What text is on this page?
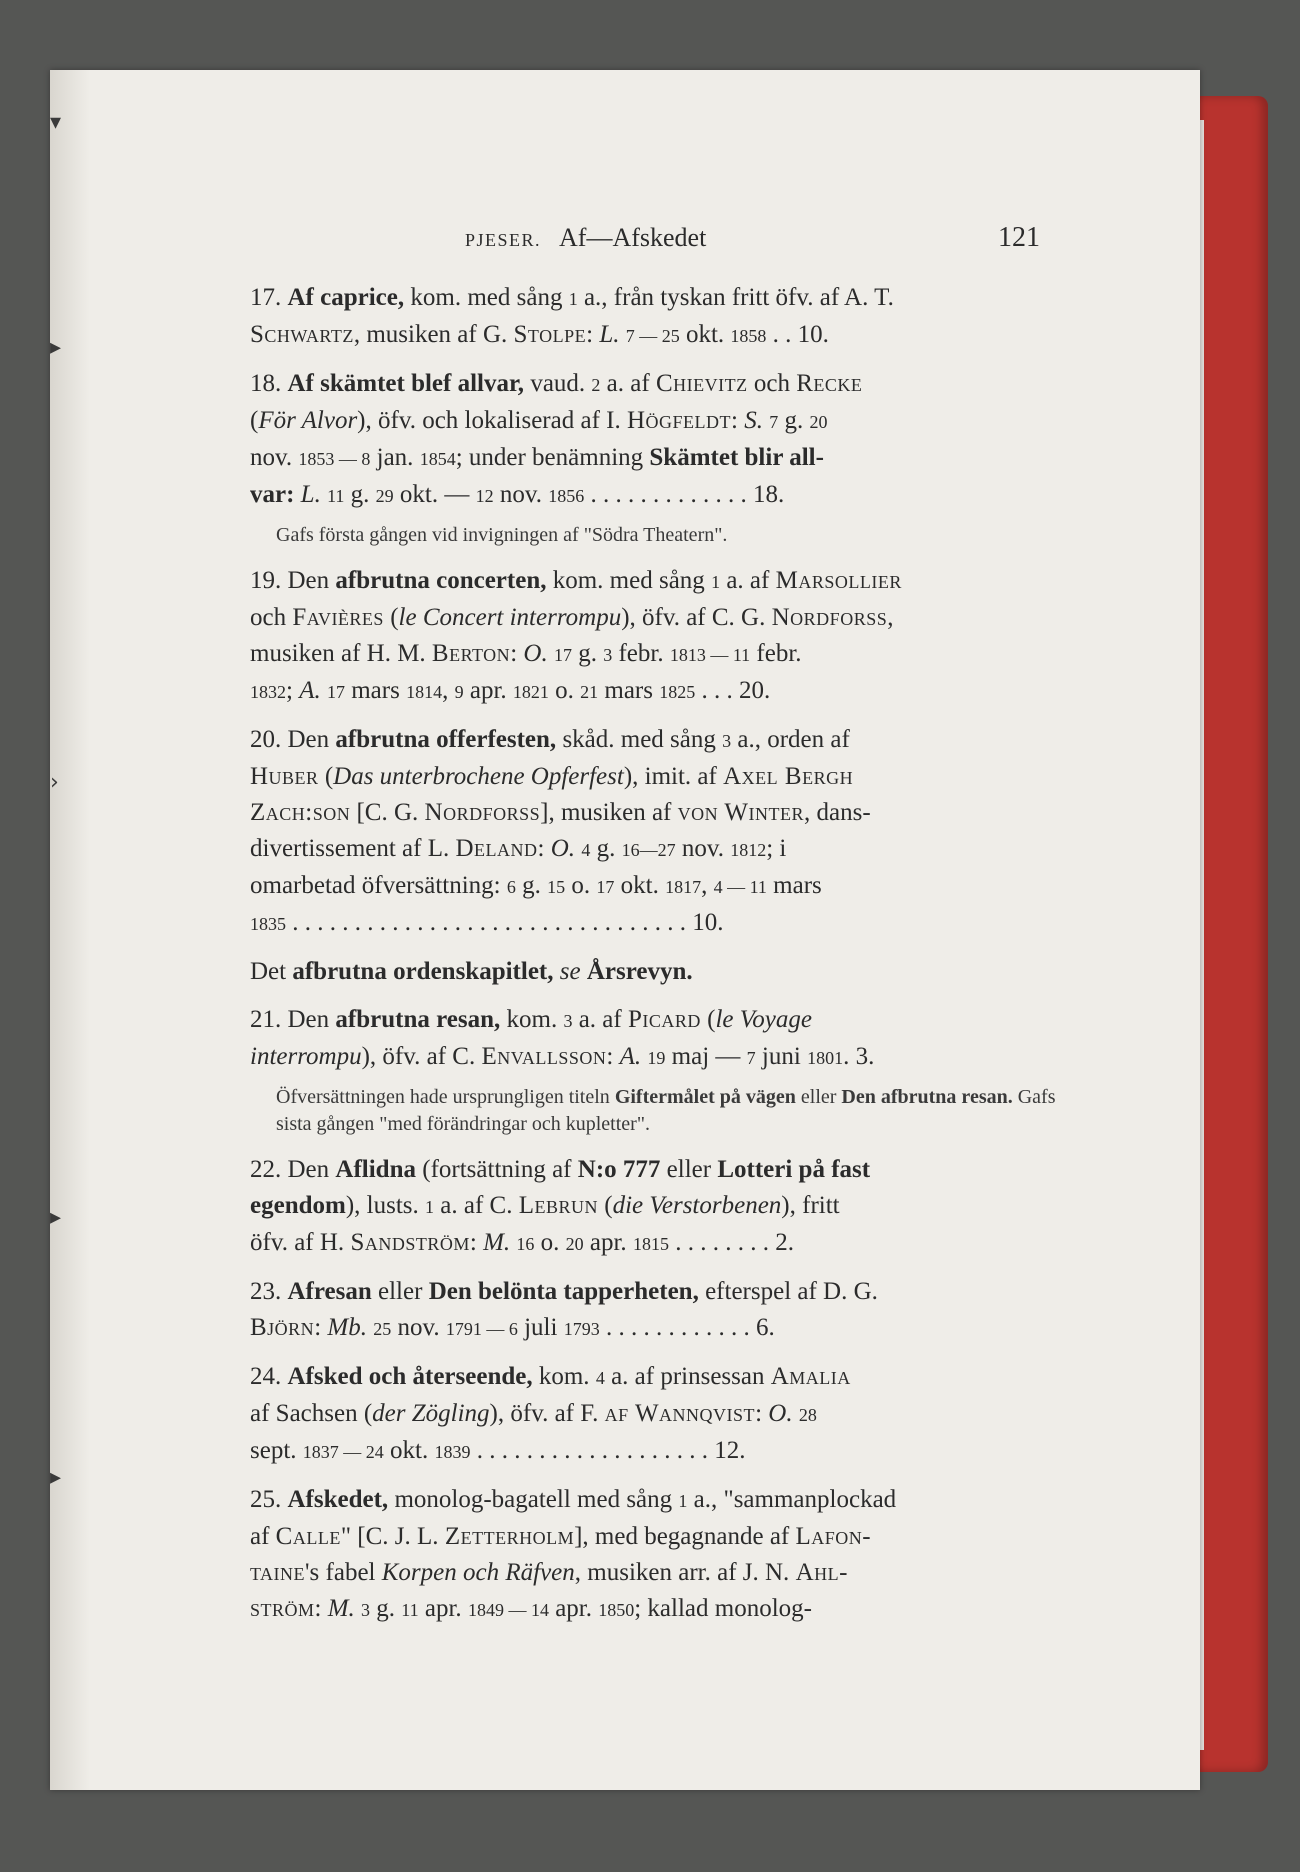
▾
▸
›
▸
▸
PJESER. Af—Afskedet	121
17. Af caprice, kom. med sång 1 a., från tyskan fritt öfv. af A. T.
Schwartz, musiken af G. Stolpe: L. 7 — 25 okt. 1858 . . 10.
18. Af skämtet blef allvar, vaud. 2 a. af Chievitz och Recke
(För Alvor), öfv. och lokaliserad af I. Högfeldt: S. 7 g. 20
nov. 1853 — 8 jan. 1854; under benämning Skämtet blir all-
var: L. 11 g. 29 okt. — 12 nov. 1856 . . . . . . . . . . . . . 18.
Gafs första gången vid invigningen af "Södra Theatern".
19. Den afbrutna concerten, kom. med sång 1 a. af Marsollier
och Favières (le Concert interrompu), öfv. af C. G. Nordforss,
musiken af H. M. Berton: O. 17 g. 3 febr. 1813 — 11 febr.
1832; A. 17 mars 1814, 9 apr. 1821 o. 21 mars 1825 . . . 20.
20. Den afbrutna offerfesten, skåd. med sång 3 a., orden af
Huber (Das unterbrochene Opferfest), imit. af Axel Bergh
Zach:son [C. G. Nordforss], musiken af von Winter, dans-
divertissement af L. Deland: O. 4 g. 16—27 nov. 1812; i
omarbetad öfversättning: 6 g. 15 o. 17 okt. 1817, 4 — 11 mars
1835 . . . . . . . . . . . . . . . . . . . . . . . . . . . . . . . . 10.
Det afbrutna ordenskapitlet, se Årsrevyn.
21. Den afbrutna resan, kom. 3 a. af Picard (le Voyage
interrompu), öfv. af C. Envallsson: A. 19 maj — 7 juni 1801. 3.
Öfversättningen hade ursprungligen titeln Giftermålet på vägen eller Den afbrutna resan. Gafs sista gången "med förändringar och kupletter".
22. Den Aflidna (fortsättning af N:o 777 eller Lotteri på fast
egendom), lusts. 1 a. af C. Lebrun (die Verstorbenen), fritt
öfv. af H. Sandström: M. 16 o. 20 apr. 1815 . . . . . . . . 2.
23. Afresan eller Den belönta tapperheten, efterspel af D. G.
Björn: Mb. 25 nov. 1791 — 6 juli 1793 . . . . . . . . . . . . 6.
24. Afsked och återseende, kom. 4 a. af prinsessan Amalia
af Sachsen (der Zögling), öfv. af F. af Wannqvist: O. 28
sept. 1837 — 24 okt. 1839 . . . . . . . . . . . . . . . . . . . 12.
25. Afskedet, monolog-bagatell med sång 1 a., "sammanplockad
af Calle" [C. J. L. Zetterholm], med begagnande af Lafon-
taine's fabel Korpen och Räfven, musiken arr. af J. N. Ahl-
ström: M. 3 g. 11 apr. 1849 — 14 apr. 1850; kallad monolog-
